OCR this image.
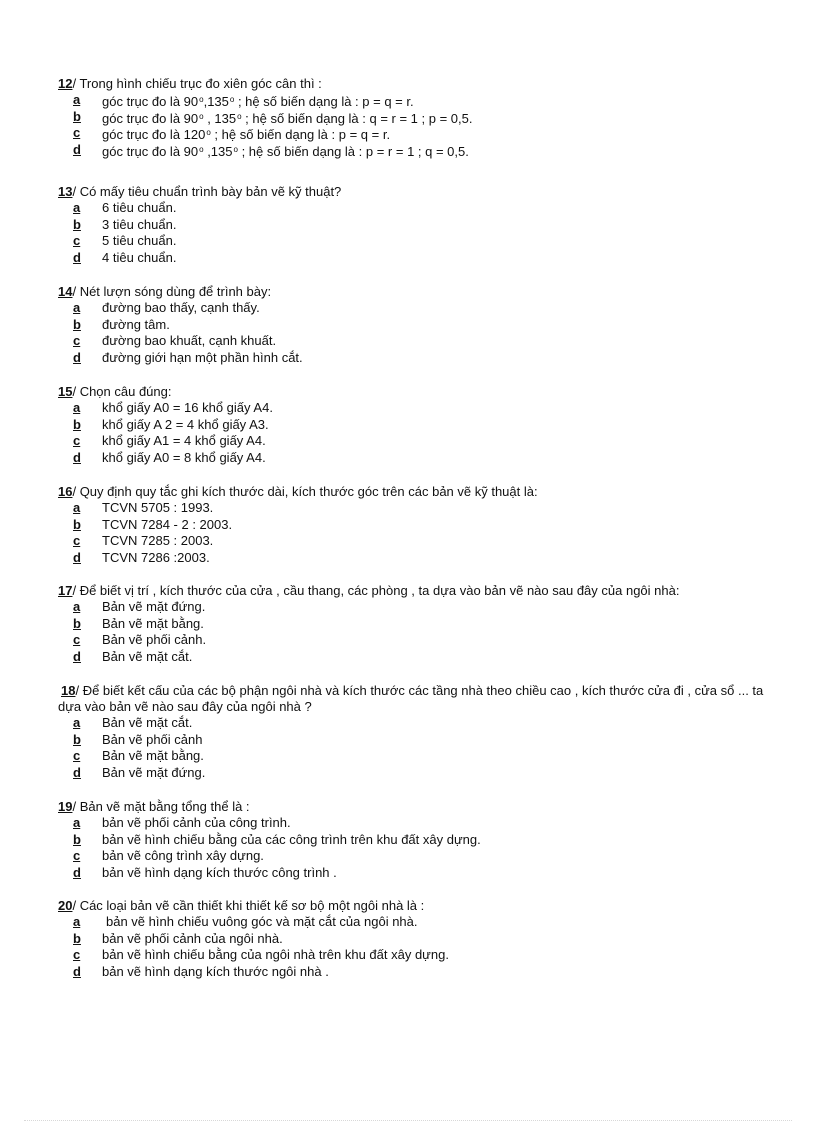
12/ Trong hình chiếu trục đo xiên góc cân thì :
a góc trục đo là 90$^o$,135$^o$ ; hệ số biến dạng là : p = q = r.
b góc trục đo là 90$^o$ , 135$^o$ ; hệ số biến dạng là : q = r = 1 ; p = 0,5.
c góc trục đo là 120$^o$ ; hệ số biến dạng là : p = q = r.
d góc trục đo là 90$^o$ ,135$^o$ ; hệ số biến dạng là : p = r = 1 ; q = 0,5.
13/ Có mấy tiêu chuẩn trình bày bản vẽ kỹ thuật?
a 6 tiêu chuẩn.
b 3 tiêu chuẩn.
c 5 tiêu chuẩn.
d 4 tiêu chuẩn.
14/ Nét lượn sóng dùng để trình bày:
a đường bao thấy, cạnh thấy.
b đường tâm.
c đường bao khuất, cạnh khuất.
d đường giới hạn một phần hình cắt.
15/ Chọn câu đúng:
a khổ giấy A0 = 16 khổ giấy A4.
b khổ giấy A 2 = 4 khổ giấy A3.
c khổ giấy A1 = 4 khổ giấy A4.
d khổ giấy A0 = 8 khổ giấy A4.
16/ Quy định quy tắc ghi kích thước dài, kích thước góc trên các bản vẽ kỹ thuật là:
a TCVN 5705 : 1993.
b TCVN 7284 - 2 : 2003.
c TCVN 7285 : 2003.
d TCVN 7286 :2003.
17/ Để biết vị trí , kích thước của cửa , cầu thang, các phòng , ta dựa vào bản vẽ nào sau đây của ngôi nhà:
a Bản vẽ mặt đứng.
b Bản vẽ mặt bằng.
c Bản vẽ phối cảnh.
d Bản vẽ mặt cắt.
18/ Để biết kết cấu của các bộ phận ngôi nhà và kích thước các tầng nhà theo chiều cao , kích thước cửa đi , cửa sổ ... ta dựa vào bản vẽ nào sau đây của ngôi nhà ?
a Bản vẽ mặt cắt.
b Bản vẽ phối cảnh
c Bản vẽ mặt bằng.
d Bản vẽ mặt đứng.
19/ Bản vẽ mặt bằng tổng thể là :
a bản vẽ phối cảnh của công trình.
b bản vẽ hình chiếu bằng của các công trình trên khu đất xây dựng.
c bản vẽ công trình xây dựng.
d bản vẽ hình dạng kích thước công trình .
20/ Các loại bản vẽ cần thiết khi thiết kế sơ bộ một ngôi nhà là :
a bản vẽ hình chiếu vuông góc và mặt cắt của ngôi nhà.
b bản vẽ phối cảnh của ngôi nhà.
c bản vẽ hình chiếu bằng của ngôi nhà trên khu đất xây dựng.
d bản vẽ hình dạng kích thước ngôi nhà .
